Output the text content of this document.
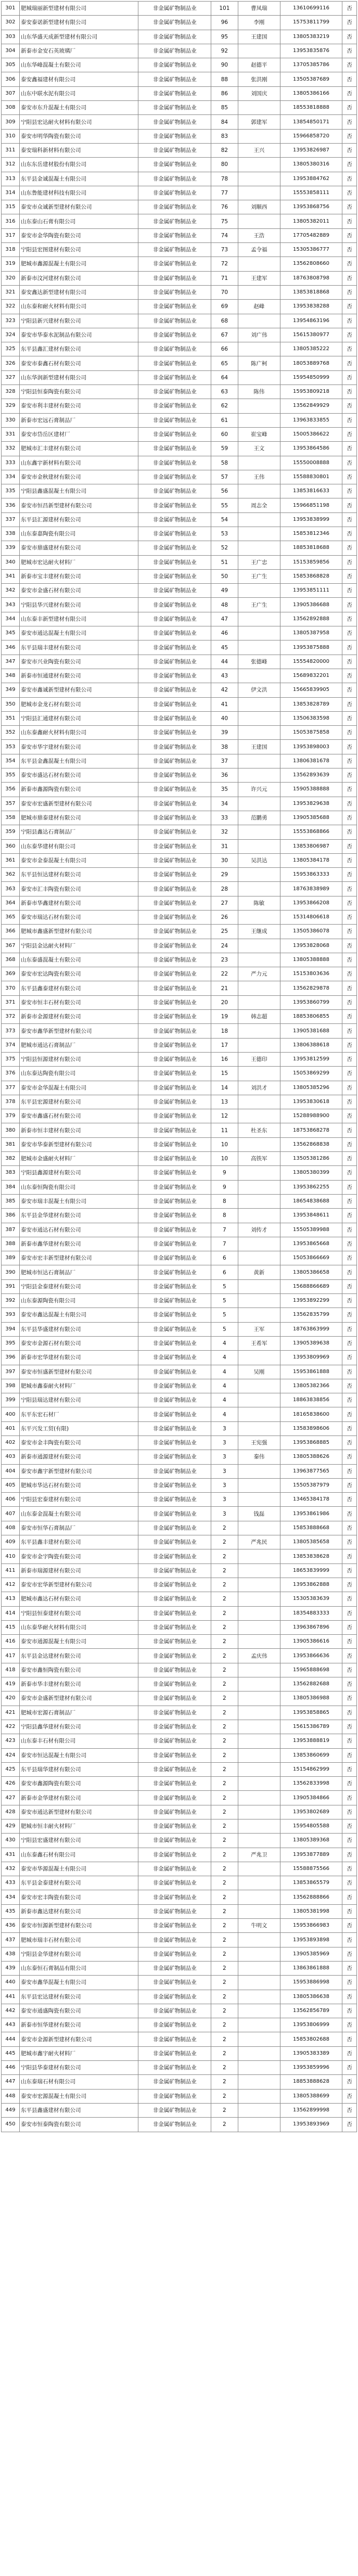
301	肥城瑞丽新型建材有限公司	非金属矿物制品业	101	曹凤瑞	13610699116	否
302	泰安泰诺新型建材有限公司	非金属矿物制品业	96	李刚	15753811799	否
303	山东华盛天成新型建材有限公司	非金属矿物制品业	95	王建国	13805383219	否
304	新泰市金安石英玻璃厂	非金属矿物制品业	92		13953835876	否
305	山东华峰混凝土有限公司	非金属矿物制品业	90	赵德平	13705385786	否
306	泰安鑫福建材有限公司	非金属矿物制品业	88	张洪刚	13505387689	否
307	山东中联水泥有限公司	非金属矿物制品业	86	刘国庆	13805386166	否
308	泰安市东升混凝土有限公司	非金属矿物制品业	85		18553818888	否
309	宁阳县宏达耐火材料有限公司	非金属矿物制品业	84	郭建军	13854850171	否
310	泰安市明华陶瓷有限公司	非金属矿物制品业	83		15966858720	否
311	泰安瑞科新材料有限公司	非金属矿物制品业	82	王兴	13953826987	否
312	山东东岳建材股份有限公司	非金属矿物制品业	80		13805380316	否
313	东平县金诚混凝土有限公司	非金属矿物制品业	78		13953884762	否
314	山东鲁能建材科技有限公司	非金属矿物制品业	77		15553858111	否
315	泰安市众诚新型建材有限公司	非金属矿物制品业	76	刘顺西	13953868756	否
316	山东泰山石膏有限公司	非金属矿物制品业	75		13805382011	否
317	泰安市金华陶瓷有限公司	非金属矿物制品业	74	王浩	17705482889	否
318	宁阳县宏图建材有限公司	非金属矿物制品业	73	孟令福	15305386777	否
319	肥城市鑫源混凝土有限公司	非金属矿物制品业	72		13562808660	否
320	新泰市汶河建材有限公司	非金属矿物制品业	71	王建军	18763808798	否
321	泰安鑫达新型建材有限公司	非金属矿物制品业	70		13853818868	否
322	山东泰和耐火材料有限公司	非金属矿物制品业	69	赵峰	13953838288	否
323	宁阳县新兴建材有限公司	非金属矿物制品业	68		13954863196	否
324	泰安市华泰水泥制品有限公司	非金属矿物制品业	67	刘广伟	15615380977	否
325	东平县鑫汇建材有限公司	非金属矿物制品业	66		13805385222	否
326	泰安市泰鑫石材有限公司	非金属矿物制品业	65	陈广柯	18053889768	否
327	山东华润新型建材有限公司	非金属矿物制品业	64		15954850999	否
328	宁阳县恒泰陶瓷有限公司	非金属矿物制品业	63	陈伟	15953809218	否
329	泰安市利丰建材有限公司	非金属矿物制品业	62		13562849929	否
330	新泰市宏远石膏制品厂	非金属矿物制品业	61		13963833855	否
331	泰安市岱岳区建材厂	非金属矿物制品业	60	崔宝峰	15005386622	否
332	肥城市汇丰建材有限公司	非金属矿物制品业	59	王文	13953864586	否
333	山东鑫宇新材料有限公司	非金属矿物制品业	58		15550008888	否
334	泰安市金秋建材有限公司	非金属矿物制品业	57	王伟	15588830801	否
335	宁阳县鑫盛混凝土有限公司	非金属矿物制品业	56		13853816633	否
336	泰安市恒昌新型建材有限公司	非金属矿物制品业	55	周志全	15966851198	否
337	东平县汇源建材有限公司	非金属矿物制品业	54		13953838999	否
338	山东泰嘉陶瓷有限公司	非金属矿物制品业	53		15853812346	否
339	泰安市鼎盛建材有限公司	非金属矿物制品业	52		18853818688	否
340	肥城市宏达耐火材料厂	非金属矿物制品业	51	王广忠	15153859856	否
341	新泰市宝丰建材有限公司	非金属矿物制品业	50	王广生	15853868828	否
342	泰安市金盛石材有限公司	非金属矿物制品业	49		13953851111	否
343	宁阳县华兴建材有限公司	非金属矿物制品业	48	王广生	13905386688	否
344	山东泰丰新型建材有限公司	非金属矿物制品业	47		13562892888	否
345	泰安市通达混凝土有限公司	非金属矿物制品业	46		13805387958	否
346	东平县瑞丰建材有限公司	非金属矿物制品业	45		13953875888	否
347	泰安市兴业陶瓷有限公司	非金属矿物制品业	44	张德峰	15554820000	否
348	新泰市恒通建材有限公司	非金属矿物制品业	43		15689832201	否
349	泰安市鑫诚新型建材有限公司	非金属矿物制品业	42	伊文洪	15665839905	否
350	肥城市金龙石材有限公司	非金属矿物制品业	41		13853828789	否
351	宁阳县汇通建材有限公司	非金属矿物制品业	40		13506383598	否
352	山东泰鑫耐火材料有限公司	非金属矿物制品业	39		15053875858	否
353	泰安市华宇建材有限公司	非金属矿物制品业	38	王建国	13953898003	否
354	东平县金鑫混凝土有限公司	非金属矿物制品业	37		13806381678	否
355	泰安市盛达石材有限公司	非金属矿物制品业	36		13562893639	否
356	新泰市鑫源陶瓷有限公司	非金属矿物制品业	35	许兴元	15905388888	否
357	泰安市宏盛新型建材有限公司	非金属矿物制品业	34		13953829638	否
358	肥城市鼎泰建材有限公司	非金属矿物制品业	33	范鹏勇	13905385688	否
359	宁阳县鑫达石膏制品厂	非金属矿物制品业	32		15553868866	否
360	山东泰华建材有限公司	非金属矿物制品业	31		13853806987	否
361	泰安市金泰混凝土有限公司	非金属矿物制品业	30	吴洪达	13805384178	否
362	东平县恒达建材有限公司	非金属矿物制品业	29		15953863333	否
363	泰安市汇丰陶瓷有限公司	非金属矿物制品业	28		18763838989	否
364	新泰市华鑫建材有限公司	非金属矿物制品业	27	陈敏	13953866208	否
365	泰安市瑞达石材有限公司	非金属矿物制品业	26		15314806618	否
366	肥城市鑫盛新型建材有限公司	非金属矿物制品业	25	王继成	13505386078	否
367	宁阳县金达耐火材料厂	非金属矿物制品业	24		13953828068	否
368	山东泰盛混凝土有限公司	非金属矿物制品业	23		13805388888	否
369	泰安市宏达陶瓷有限公司	非金属矿物制品业	22	严力元	15153803636	否
370	东平县鑫泰建材有限公司	非金属矿物制品业	21		13562829878	否
371	泰安市恒丰石材有限公司	非金属矿物制品业	20		13953860799	否
372	新泰市金源建材有限公司	非金属矿物制品业	19	韩志超	18853806855	否
373	泰安市鑫华新型建材有限公司	非金属矿物制品业	18		13905381688	否
374	肥城市通达石膏制品厂	非金属矿物制品业	17		13806388618	否
375	宁阳县恒源建材有限公司	非金属矿物制品业	16	王德印	13953812599	否
376	山东泰达陶瓷有限公司	非金属矿物制品业	15		15053869299	否
377	泰安市金华混凝土有限公司	非金属矿物制品业	14	刘洪才	13805385296	否
378	东平县宏源建材有限公司	非金属矿物制品业	13		13953830618	否
379	泰安市鑫盛石材有限公司	非金属矿物制品业	12		15288988900	否
380	新泰市恒丰建材有限公司	非金属矿物制品业	11	杜圣东	18753868278	否
381	泰安市华泰新型建材有限公司	非金属矿物制品业	10		13562868838	否
382	肥城市金盛耐火材料厂	非金属矿物制品业	10	高铁军	13505381286	否
383	宁阳县鑫源建材有限公司	非金属矿物制品业	9		13805380399	否
384	山东泰恒陶瓷有限公司	非金属矿物制品业	9		13953862255	否
385	泰安市瑞丰混凝土有限公司	非金属矿物制品业	8		18654838688	否
386	东平县金华建材有限公司	非金属矿物制品业	8		13953848611	否
387	泰安市通达石材有限公司	非金属矿物制品业	7	刘传才	15505389988	否
388	新泰市鑫华建材有限公司	非金属矿物制品业	7		13953865668	否
389	泰安市宏丰新型建材有限公司	非金属矿物制品业	6		15053866669	否
390	肥城市恒达石膏制品厂	非金属矿物制品业	6	黄新	13805386658	否
391	宁阳县金泰建材有限公司	非金属矿物制品业	5		15688866689	否
392	山东泰源陶瓷有限公司	非金属矿物制品业	5		13953892299	否
393	泰安市鑫达混凝土有限公司	非金属矿物制品业	5		13562835799	否
394	东平县华盛建材有限公司	非金属矿物制品业	5	王军	18763863999	否
395	泰安市金源石材有限公司	非金属矿物制品业	4	王希军	13905389638	否
396	新泰市宏华建材有限公司	非金属矿物制品业	4		13953809969	否
397	泰安市恒盛新型建材有限公司	非金属矿物制品业	4	吴刚	15953861888	否
398	肥城市鑫泰耐火材料厂	非金属矿物制品业	4		13805382366	否
399	宁阳县瑞达建材有限公司	非金属矿物制品业	4		18863838856	否
400	东平东宏石材厂	非金属矿物制品业	4		18165838600	否
401	东平兴发工贸(有限)	非金属矿物制品业	3		13583898606	否
402	泰安市金丰陶瓷有限公司	非金属矿物制品业	3	王宪强	13953868885	否
403	新泰市通源建材有限公司	非金属矿物制品业	3	秦伟	13805388626	否
404	泰安市鑫宇新型建材有限公司	非金属矿物制品业	3		13963877565	否
405	肥城市华达石材有限公司	非金属矿物制品业	3		15505387979	否
406	宁阳县宏泰建材有限公司	非金属矿物制品业	3		13465384178	否
407	山东泰金混凝土有限公司	非金属矿物制品业	3	钱磊	13953861986	否
408	泰安市恒华石膏制品厂	非金属矿物制品业	2		15853888668	否
409	东平县鑫丰建材有限公司	非金属矿物制品业	2	严兆民	13805385658	否
410	泰安市金宇陶瓷有限公司	非金属矿物制品业	2		13853838628	否
411	新泰市瑞源建材有限公司	非金属矿物制品业	2		18653839999	否
412	泰安市宏华新型建材有限公司	非金属矿物制品业	2		13953862888	否
413	肥城市鑫达石材有限公司	非金属矿物制品业	2		15305383639	否
414	宁阳县恒泰建材有限公司	非金属矿物制品业	2		18354883333	否
415	山东泰华耐火材料有限公司	非金属矿物制品业	2		13963867896	否
416	泰安市通源混凝土有限公司	非金属矿物制品业	2		13905386616	否
417	东平县金达建材有限公司	非金属矿物制品业	2	孟庆伟	13953866636	否
418	泰安市鑫恒陶瓷有限公司	非金属矿物制品业	2		15965888698	否
419	新泰市华丰建材有限公司	非金属矿物制品业	2		13562882688	否
420	泰安市金盛新型建材有限公司	非金属矿物制品业	2		13805386988	否
421	肥城市宏源石膏制品厂	非金属矿物制品业	2		13953858865	否
422	宁阳县鑫华建材有限公司	非金属矿物制品业	2		15615386789	否
423	山东泰丰石材有限公司	非金属矿物制品业	2		13953888819	否
424	泰安市恒达混凝土有限公司	非金属矿物制品业	2		13853860699	否
425	东平县瑞华建材有限公司	非金属矿物制品业	2		15154862999	否
426	泰安市鑫源陶瓷有限公司	非金属矿物制品业	2		13562833998	否
427	新泰市金华建材有限公司	非金属矿物制品业	2		13905384866	否
428	泰安市通达新型建材有限公司	非金属矿物制品业	2		13953802689	否
429	肥城市恒丰耐火材料厂	非金属矿物制品业	2		15954805588	否
430	宁阳县宏盛建材有限公司	非金属矿物制品业	2		13805389368	否
431	山东泰鑫石材有限公司	非金属矿物制品业	2	严兆卫	13953877889	否
432	泰安市华源混凝土有限公司	非金属矿物制品业	2		15588875566	否
433	东平县金泰建材有限公司	非金属矿物制品业	2		13853865579	否
434	泰安市宏丰陶瓷有限公司	非金属矿物制品业	2		13562888866	否
435	新泰市鑫达建材有限公司	非金属矿物制品业	2		13805381998	否
436	泰安市恒源新型建材有限公司	非金属矿物制品业	2	牛明文	15953866983	否
437	肥城市瑞丰石材有限公司	非金属矿物制品业	2		13953893898	否
438	宁阳县金华建材有限公司	非金属矿物制品业	2		13905385969	否
439	山东泰恒石膏制品有限公司	非金属矿物制品业	2		13863861888	否
440	泰安市鑫华混凝土有限公司	非金属矿物制品业	2		15953886998	否
441	东平县宏达建材有限公司	非金属矿物制品业	2		13805386638	否
442	泰安市通盛陶瓷有限公司	非金属矿物制品业	2		13562856789	否
443	新泰市恒华建材有限公司	非金属矿物制品业	2		13953806999	否
444	泰安市金源新型建材有限公司	非金属矿物制品业	2		15853802688	否
445	肥城市鑫宇耐火材料厂	非金属矿物制品业	2		13905383389	否
446	宁阳县华泰建材有限公司	非金属矿物制品业	2		13953859996	否
447	山东泰瑞石材有限公司	非金属矿物制品业	2		18853888628	否
448	泰安市宏源混凝土有限公司	非金属矿物制品业	2		13805388699	否
449	东平县鑫盛建材有限公司	非金属矿物制品业	2		13562899998	否
450	泰安市恒泰陶瓷有限公司	非金属矿物制品业	2		13953893969	否
